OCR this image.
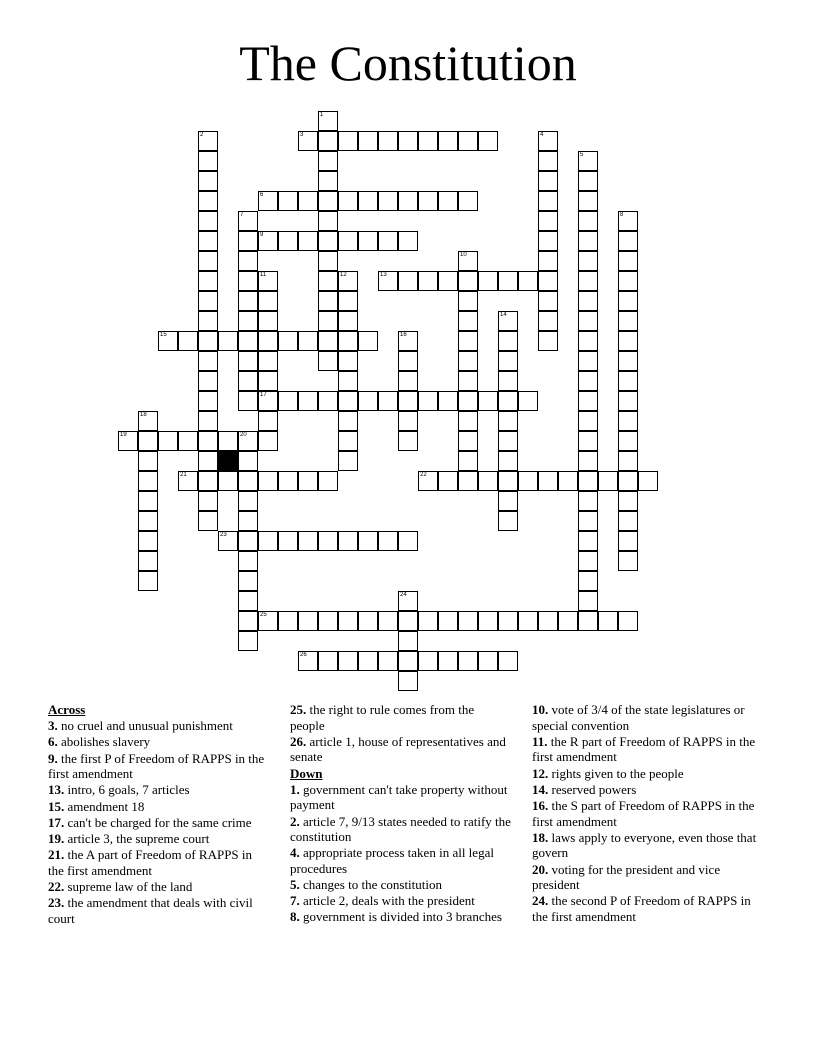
The Constitution
1
2	3	4
5
6
7	8
9
10
11
17
12	13
14
15	16
18
19	20
21	22
23
24
25
26
Across
3. no cruel and unusual punishment
6. abolishes slavery
9. the first P of Freedom of RAPPS in the first amendment
13. intro, 6 goals, 7 articles
15. amendment 18
17. can't be charged for the same crime
19. article 3, the supreme court
21. the A part of Freedom of RAPPS in the first amendment
22. supreme law of the land
23. the amendment that deals with civil court
25. the right to rule comes from the people
26. article 1, house of representatives and senate
Down
1. government can't take property without payment
2. article 7, 9/13 states needed to ratify the constitution
4. appropriate process taken in all legal procedures
5. changes to the constitution
7. article 2, deals with the president
8. government is divided into 3 branches
10. vote of 3/4 of the state legislatures or special convention
11. the R part of Freedom of RAPPS in the first amendment
12. rights given to the people
14. reserved powers
16. the S part of Freedom of RAPPS in the first amendment
18. laws apply to everyone, even those that govern
20. voting for the president and vice president
24. the second P of Freedom of RAPPS in the first amendment
